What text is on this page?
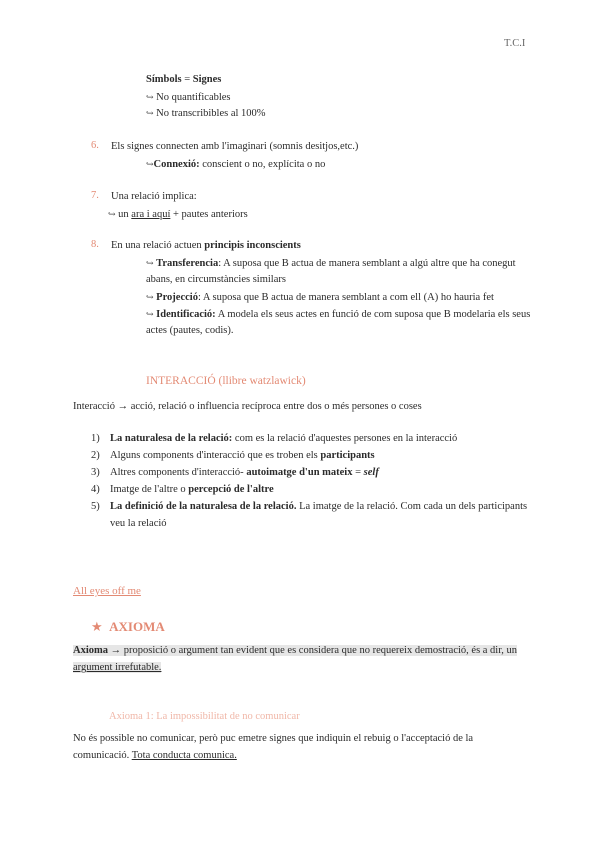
T.C.I
Símbols = Signes
↪ No quantificables
↪ No transcribibles al 100%
6. Els signes connecten amb l'imaginari (somnis desitjos,etc.)
↪Connexió: conscient o no, explícita o no
7. Una relació implica:
↪ un ara i aquí + pautes anteriors
8. En una relació actuen principis inconscients
↪ Transferencia: A suposa que B actua de manera semblant a algú altre que ha conegut
abans, en circumstàncies similars
↪ Projecció: A suposa que B actua de manera semblant a com ell (A) ho hauria fet
↪ Identificació: A modela els seus actes en funció de com suposa que B modelaria els seus
actes (pautes, codis).
INTERACCIÓ (llibre watzlawick)
Interacció → acció, relació o influencia recíproca entre dos o més persones o coses
1) La naturalesa de la relació: com es la relació d'aquestes persones en la interacció
2) Alguns components d'interacció que es troben els participants
3) Altres components d'interacció- autoimatge d'un mateix = self
4) Imatge de l'altre o percepció de l'altre
5) La definició de la naturalesa de la relació. La imatge de la relació. Com cada un dels participants
veu la relació
All eyes off me
★ AXIOMA
Axioma → proposició o argument tan evident que es considera que no requereix demostració, és a dir, un
argument irrefutable.
Axioma 1: La impossibilitat de no comunicar
No és possible no comunicar, però puc emetre signes que indiquin el rebuig o l'acceptació de la
comunicació. Tota conducta comunica.
